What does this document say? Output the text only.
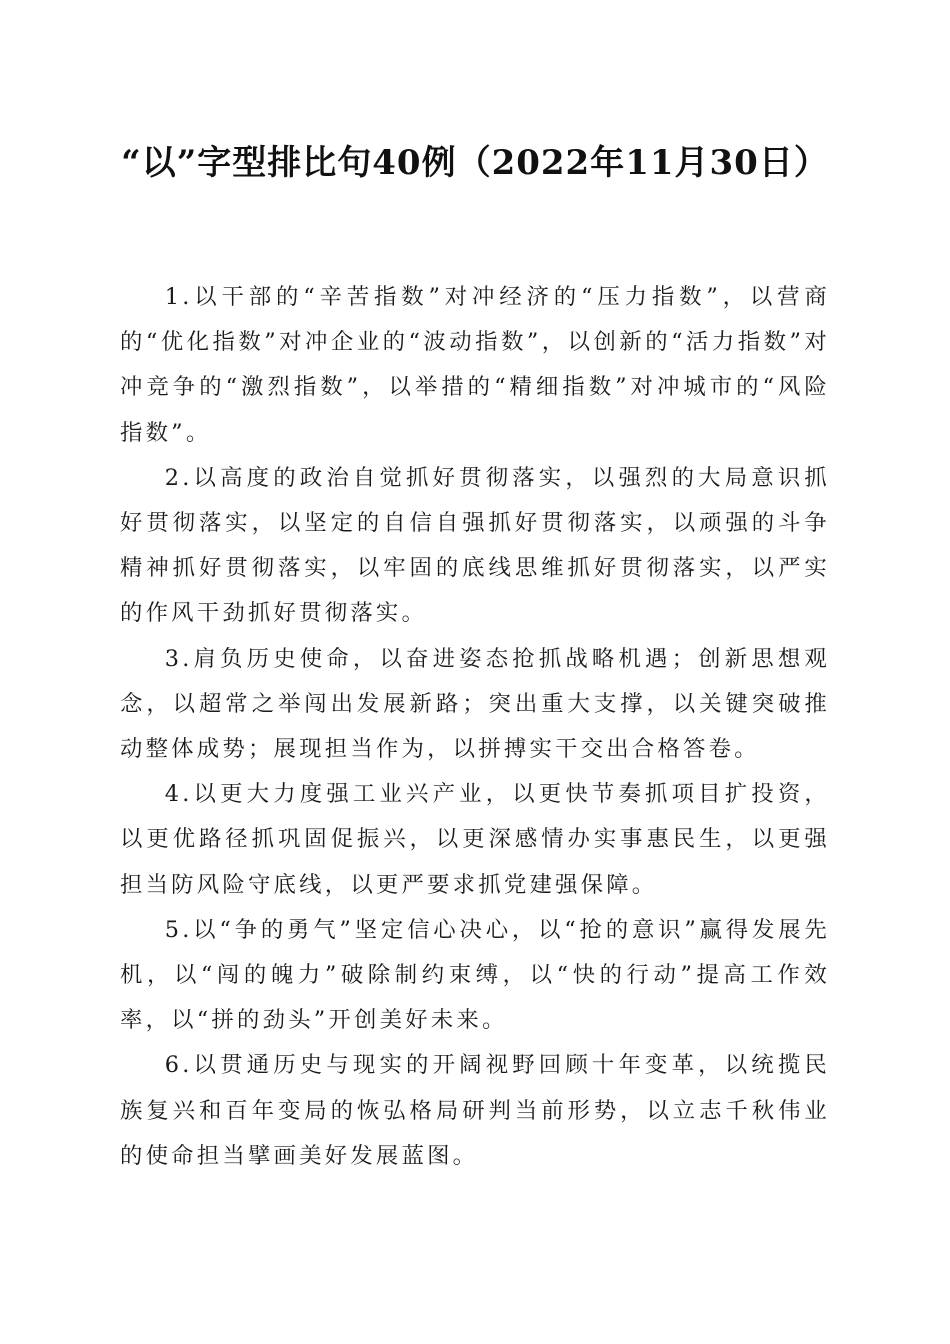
“以”字型排比句40例（2022年11月30日）

1.以干部的“辛苦指数”对冲经济的“压力指数”，以营商的“优化指数”对冲企业的“波动指数”，以创新的“活力指数”对冲竞争的“激烈指数”，以举措的“精细指数”对冲城市的“风险指数”。

2.以高度的政治自觉抓好贯彻落实，以强烈的大局意识抓好贯彻落实，以坚定的自信自强抓好贯彻落实，以顽强的斗争精神抓好贯彻落实，以牢固的底线思维抓好贯彻落实，以严实的作风干劲抓好贯彻落实。

3.肩负历史使命，以奋进姿态抢抓战略机遇；创新思想观念，以超常之举闯出发展新路；突出重大支撑，以关键突破推动整体成势；展现担当作为，以拼搏实干交出合格答卷。

4.以更大力度强工业兴产业，以更快节奏抓项目扩投资，以更优路径抓巩固促振兴，以更深感情办实事惠民生，以更强担当防风险守底线，以更严要求抓党建强保障。

5.以“争的勇气”坚定信心决心，以“抢的意识”赢得发展先机，以“闯的魄力”破除制约束缚，以“快的行动”提高工作效率，以“拼的劲头”开创美好未来。

6.以贯通历史与现实的开阔视野回顾十年变革，以统揽民族复兴和百年变局的恢弘格局研判当前形势，以立志千秋伟业的使命担当擘画美好发展蓝图。
